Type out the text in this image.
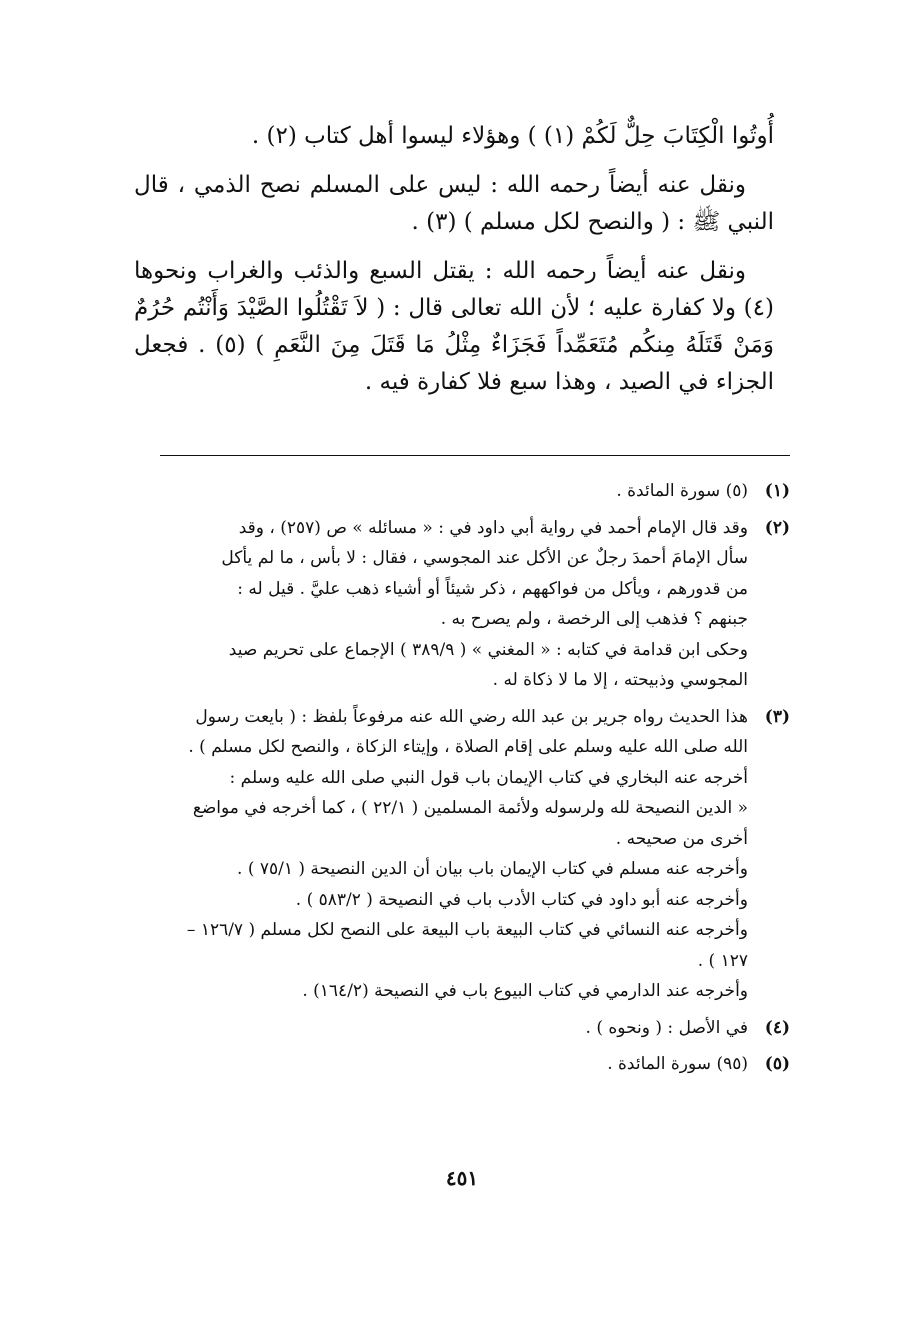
أُوتُوا الْكِتَابَ حِلٌّ لَكُمْ (١) ) وهؤلاء ليسوا أهل كتاب (٢) .

ونقل عنه أيضاً رحمه الله : ليس على المسلم نصح الذمي ، قال النبي ﷺ : ( والنصح لكل مسلم ) (٣) .

ونقل عنه أيضاً رحمه الله : يقتل السبع والذئب والغراب ونحوها (٤) ولا كفارة عليه ؛ لأن الله تعالى قال : ( لاَ تَقْتُلُوا الصَّيْدَ وَأَنْتُم حُرُمٌ وَمَنْ قَتَلَهُ مِنكُم مُتَعَمِّداً فَجَزَاءٌ مِثْلُ مَا قَتَلَ مِنَ النَّعَمِ ) (٥) . فجعل الجزاء في الصيد ، وهذا سبع فلا كفارة فيه .

(١)
(٥) سورة المائدة .
(٢)
وقد قال الإمام أحمد في رواية أبي داود في : « مسائله » ص (٢٥٧) ، وقد
سأل الإمامَ أحمدَ رجلٌ عن الأكل عند المجوسي ، فقال : لا بأس ، ما لم يأكل
من قدورهم ، ويأكل من فواكههم ، ذكر شيئاً أو أشياء ذهب عليَّ . قيل له :
جبنهم ؟ فذهب إلى الرخصة ، ولم يصرح به .
وحكى ابن قدامة في كتابه : « المغني » ( ٣٨٩/٩ ) الإجماع على تحريم صيد
المجوسي وذبيحته ، إلا ما لا ذكاة له .
(٣)
هذا الحديث رواه جرير بن عبد الله رضي الله عنه مرفوعاً بلفظ : ( بايعت رسول
الله صلى الله عليه وسلم على إقام الصلاة ، وإيتاء الزكاة ، والنصح لكل مسلم ) .
أخرجه عنه البخاري في كتاب الإيمان باب قول النبي صلى الله عليه وسلم :
« الدين النصيحة لله ولرسوله ولأئمة المسلمين ( ٢٢/١ ) ، كما أخرجه في مواضع
أخرى من صحيحه .
وأخرجه عنه مسلم في كتاب الإيمان باب بيان أن الدين النصيحة ( ٧٥/١ ) .
وأخرجه عنه أبو داود في كتاب الأدب باب في النصيحة ( ٥٨٣/٢ ) .
وأخرجه عنه النسائي في كتاب البيعة باب البيعة على النصح لكل مسلم ( ١٢٦/٧ –
١٢٧ ) .
وأخرجه عند الدارمي في كتاب البيوع باب في النصيحة (١٦٤/٢) .
(٤)
في الأصل : ( ونحوه ) .
(٥)
(٩٥) سورة المائدة .
٤٥١
